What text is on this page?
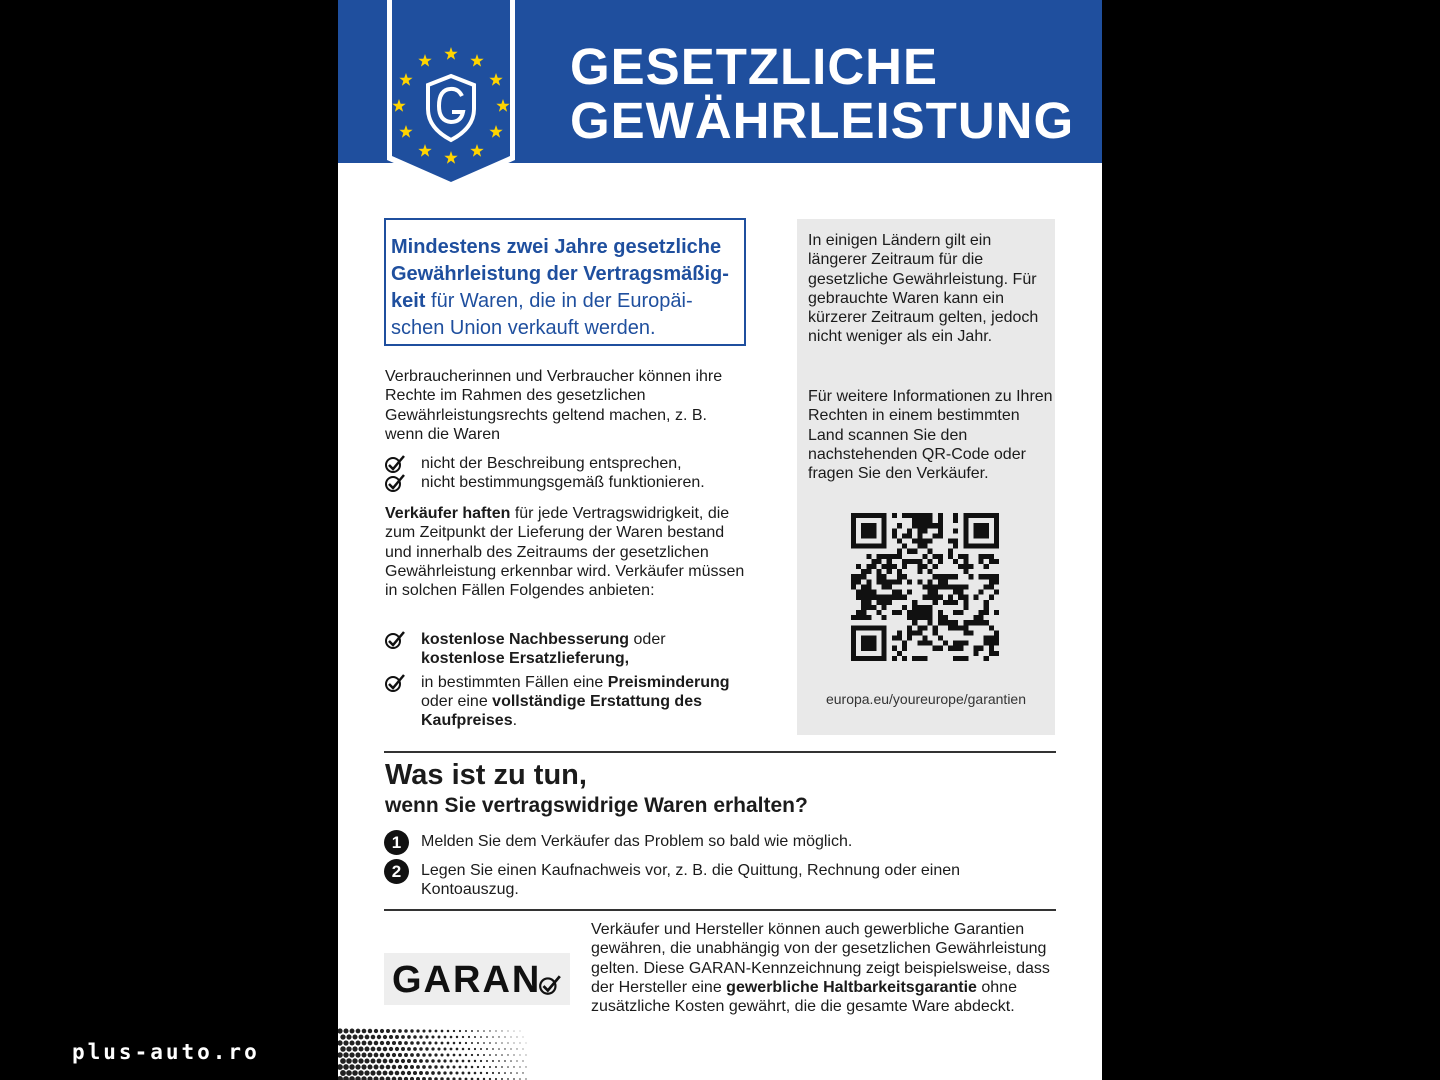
GESETZLICHE
GEWÄHRLEISTUNG
Mindestens zwei Jahre gesetzliche Gewährleistung der Vertragsmäßig-keit für Waren, die in der Europäi-schen Union verkauft werden.
Verbraucherinnen und Verbraucher können ihre Rechte im Rahmen des gesetzlichen Gewährleistungsrechts geltend machen, z. B. wenn die Waren
nicht der Beschreibung entsprechen,
nicht bestimmungsgemäß funktionieren.
Verkäufer haften für jede Vertragswidrigkeit, die zum Zeitpunkt der Lieferung der Waren bestand und innerhalb des Zeitraums der gesetzlichen Gewährleistung erkennbar wird. Verkäufer müssen in solchen Fällen Folgendes anbieten:
kostenlose Nachbesserung oder
kostenlose Ersatzlieferung,
in bestimmten Fällen eine Preisminderung oder eine vollständige Erstattung des Kaufpreises.
In einigen Ländern gilt ein längerer Zeitraum für die gesetzliche Gewährleistung. Für gebrauchte Waren kann ein kürzerer Zeitraum gelten, jedoch nicht weniger als ein Jahr.
Für weitere Informationen zu Ihren Rechten in einem bestimmten Land scannen Sie den nachstehenden QR-Code oder fragen Sie den Verkäufer.
europa.eu/youreurope/garantien
Was ist zu tun,
wenn Sie vertragswidrige Waren erhalten?
1	Melden Sie dem Verkäufer das Problem so bald wie möglich.
2	Legen Sie einen Kaufnachweis vor, z. B. die Quittung, Rechnung oder einen Kontoauszug.
GARAN
Verkäufer und Hersteller können auch gewerbliche Garantien gewähren, die unabhängig von der gesetzlichen Gewährleistung gelten. Diese GARAN-Kennzeichnung zeigt beispielsweise, dass der Hersteller eine gewerbliche Haltbarkeitsgarantie ohne zusätzliche Kosten gewährt, die die gesamte Ware abdeckt.
plus-auto.ro
